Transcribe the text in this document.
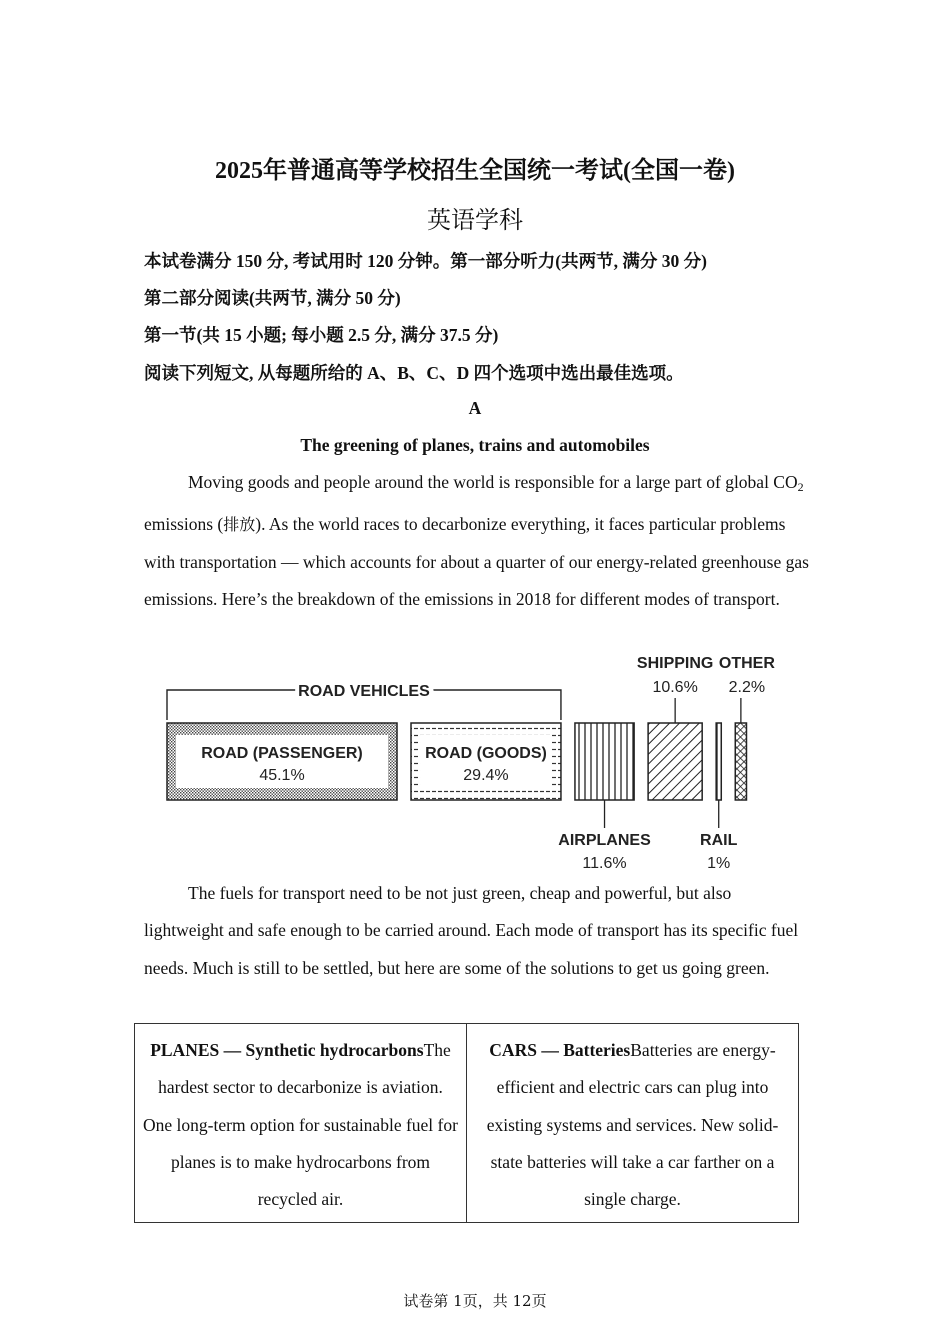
2025年普通高等学校招生全国统一考试(全国一卷)
英语学科
本试卷满分 150 分, 考试用时 120 分钟。第一部分听力(共两节, 满分 30 分)
第二部分阅读(共两节, 满分 50 分)
第一节(共 15 小题; 每小题 2.5 分, 满分 37.5 分)
阅读下列短文, 从每题所给的 A、B、C、D 四个选项中选出最佳选项。
A
The greening of planes, trains and automobiles

Moving goods and people around the world is responsible for a large part of global $CO_2$ emissions (排放). As the world races to decarbonize everything, it faces particular problems with transportation — which accounts for about a quarter of our energy-related greenhouse gas emissions. Here’s the breakdown of the emissions in 2018 for different modes of transport.

ROAD (PASSENGER)
45.1%
ROAD (GOODS)
29.4%
ROAD VEHICLES
AIRPLANES
11.6%
SHIPPING
10.6%
RAIL
1%
OTHER
2.2%

The fuels for transport need to be not just green, cheap and powerful, but also lightweight and safe enough to be carried around. Each mode of transport has its specific fuel needs. Much is still to be settled, but here are some of the solutions to get us going green.

PLANES — Synthetic hydrocarbonsThe hardest sector to decarbonize is aviation. One long-term option for sustainable fuel for planes is to make hydrocarbons from recycled air.	CARS — BatteriesBatteries are energy-efficient and electric cars can plug into existing systems and services. New solid-state batteries will take a car farther on a single charge.
试卷第 1页，共 12页
